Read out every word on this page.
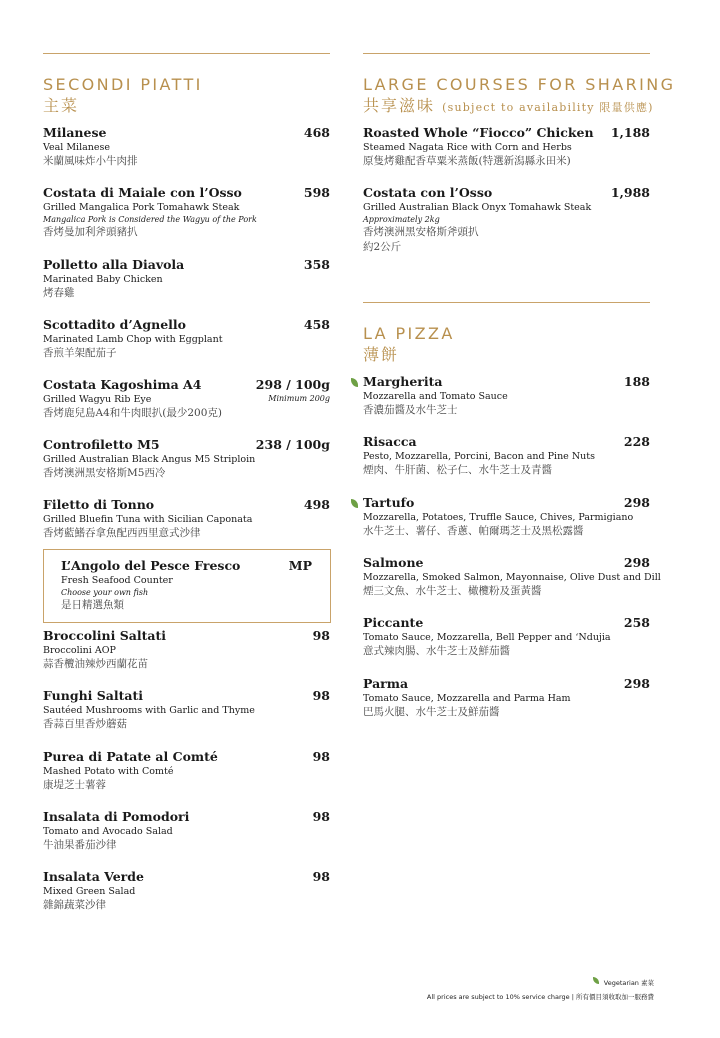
SECONDI PIATTI
主菜
LARGE COURSES FOR SHARING
共享滋味 (subject to availability 限量供應)
LA PIZZA
薄餅
Milanese	468
Veal Milanese
米蘭風味炸小牛肉排
Costata di Maiale con l’Osso	598
Grilled Mangalica Pork Tomahawk Steak
Mangalica Pork is Considered the Wagyu of the Pork
香烤曼加利斧頭豬扒
Polletto alla Diavola	358
Marinated Baby Chicken
烤春雞
Scottadito d’Agnello	458
Marinated Lamb Chop with Eggplant
香煎羊架配茄子
Costata Kagoshima A4	298 / 100g
Minimum 200g
Grilled Wagyu Rib Eye
香烤鹿兒島A4和牛肉眼扒(最少200克)
Controfiletto M5	238 / 100g
Grilled Australian Black Angus M5 Striploin
香烤澳洲黑安格斯M5西冷
Filetto di Tonno	498
Grilled Bluefin Tuna with Sicilian Caponata
香烤藍鰭吞拿魚配西西里意式沙律
L’Angolo del Pesce Fresco	MP
Fresh Seafood Counter
Choose your own fish
是日精選魚類
Broccolini Saltati	98
Broccolini AOP
蒜香欖油辣炒西蘭花苗
Funghi Saltati	98
Sautéed Mushrooms with Garlic and Thyme
香蒜百里香炒蘑菇
Purea di Patate al Comté	98
Mashed Potato with Comté
康堤芝士薯蓉
Insalata di Pomodori	98
Tomato and Avocado Salad
牛油果番茄沙律
Insalata Verde	98
Mixed Green Salad
雜錦蔬菜沙律
Roasted Whole “Fiocco” Chicken	1,188
Steamed Nagata Rice with Corn and Herbs
原隻烤雞配香草粟米蒸飯(特選新潟縣永田米)
Costata con l’Osso	1,988
Grilled Australian Black Onyx Tomahawk Steak
Approximately 2kg
香烤澳洲黑安格斯斧頭扒
約2公斤
Margherita	188
Mozzarella and Tomato Sauce
香濃茄醬及水牛芝士
Risacca	228
Pesto, Mozzarella, Porcini, Bacon and Pine Nuts
煙肉、牛肝菌、松子仁、水牛芝士及青醬
Tartufo	298
Mozzarella, Potatoes, Truffle Sauce, Chives, Parmigiano
水牛芝士、薯仔、香蔥、帕爾瑪芝士及黑松露醬
Salmone	298
Mozzarella, Smoked Salmon, Mayonnaise, Olive Dust and Dill
煙三文魚、水牛芝士、橄欖粉及蛋黃醬
Piccante	258
Tomato Sauce, Mozzarella, Bell Pepper and ‘Ndujia
意式辣肉腸、水牛芝士及鮮茄醬
Parma	298
Tomato Sauce, Mozzarella and Parma Ham
巴馬火腿、水牛芝士及鮮茄醬
Vegetarian 素菜
All prices are subject to 10% service charge | 所有價目須收取加一服務費
